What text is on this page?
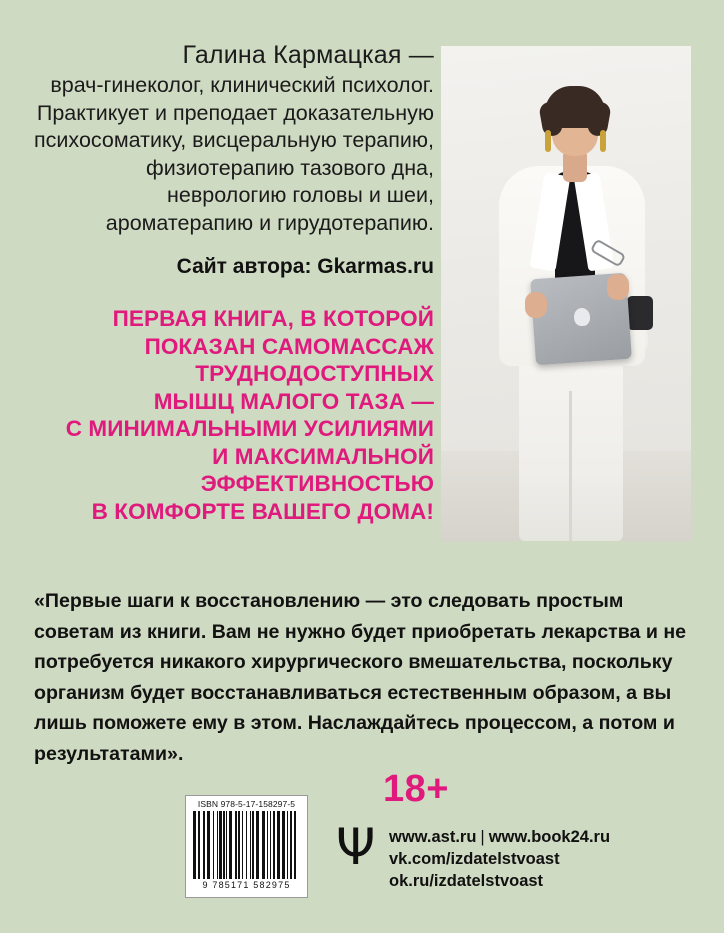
Галина Кармацкая —
врач-гинеколог, клинический психолог. Практикует и преподает доказательную психосоматику, висцеральную терапию, физиотерапию тазового дна, неврологию головы и шеи, ароматерапию и гирудотерапию.
Сайт автора: Gkarmas.ru
ПЕРВАЯ КНИГА, В КОТОРОЙ
ПОКАЗАН САМОМАССАЖ
ТРУДНОДОСТУПНЫХ
МЫШЦ МАЛОГО ТАЗА —
С МИНИМАЛЬНЫМИ УСИЛИЯМИ
И МАКСИМАЛЬНОЙ
ЭФФЕКТИВНОСТЬЮ
В КОМФОРТЕ ВАШЕГО ДОМА!
«Первые шаги к восстановлению — это следовать простым советам из книги. Вам не нужно будет приобретать лекарства и не потребуется никакого хирургического вмешательства, поскольку организм будет восстанавливаться естественным образом, а вы лишь поможете ему в этом. Наслаждайтесь процессом, а потом и результатами».
18+
Ψ www.ast.ru | www.book24.ru
vk.com/izdatelstvoast
ok.ru/izdatelstvoast
ISBN 978-5-17-158297-5
9 785171 582975
